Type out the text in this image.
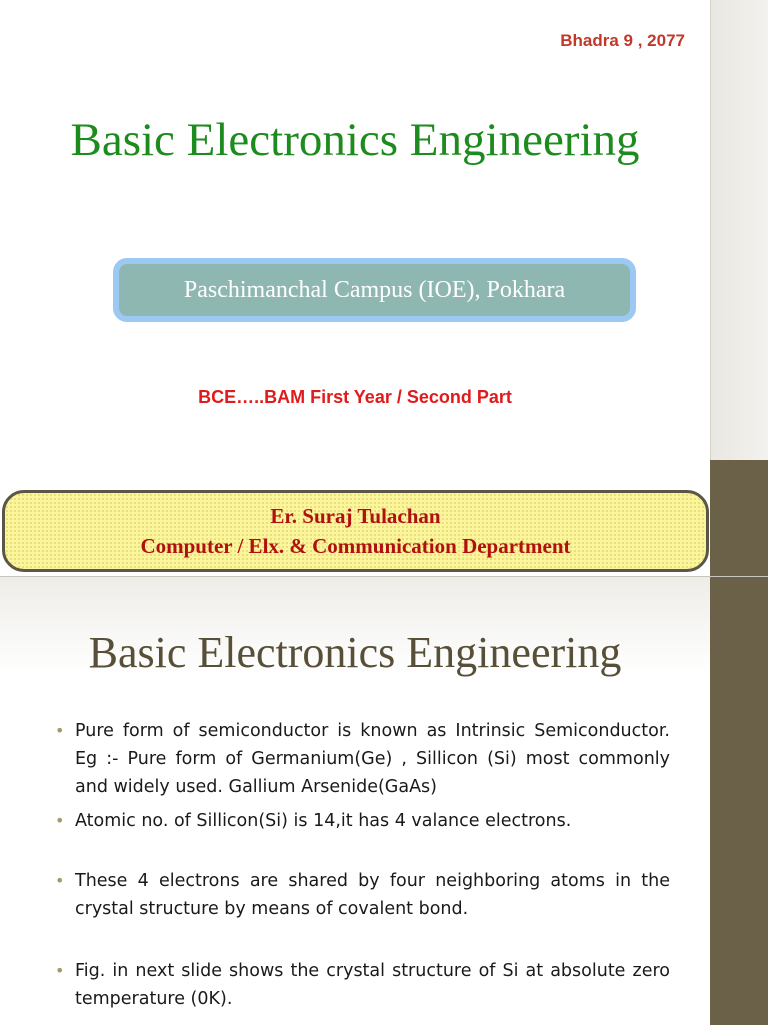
Bhadra 9 , 2077
Basic Electronics Engineering
Paschimanchal Campus (IOE), Pokhara
BCE…..BAM First Year / Second Part
Er. Suraj Tulachan
Computer / Elx. & Communication Department
Basic Electronics Engineering
• Pure form of semiconductor is known as Intrinsic Semiconductor. Eg :- Pure form of Germanium(Ge) , Sillicon (Si) most commonly and widely used. Gallium Arsenide(GaAs)
• Atomic no. of Sillicon(Si) is 14,it has 4 valance electrons.
• These 4 electrons are shared by four neighboring atoms in the crystal structure by means of covalent bond.
• Fig. in next slide shows the crystal structure of Si at absolute zero temperature (0K).
